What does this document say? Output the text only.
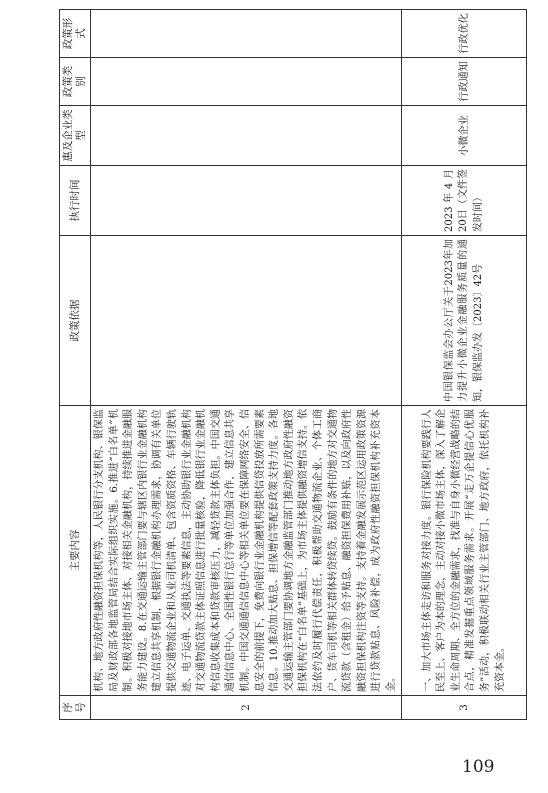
序号	主要内容	政策依据	执行时间	惠及企业类型	政策类别	政策形式
2	机构、地方政府性融资担保机构等，人民银行分支机构、银保监局及财政部各地监管局结合实际组织实施。6.推进“白名单”机制。积极对接地市场主体、对接相关金融机构，持续推进金融服务能力建设。8.在交通运输主管部门要与辖区内银行业金融机构建立信息共享机制，根据银行金融机构办理需求，协调有关单位提供交通物流企业和从业司机清单、包含资质资格、车辆行驶轨迹、电子运单、交通执法等要素信息，主动协助银行业金融机构对交通物流贷款主体证照信息进行批量核验，降低银行业金融机构信息收集成本和贷款审核压力，减轻贷款主体负担。中国交通通信信息中心、全国性银行总行等单位加强合作，建立信息共享机制。中国交通通信信息中心等相关单位要在保障网络安全、信息安全的前提下，免费向银行业金融机构提供信贷投放所需要素信息。10.推动加大贴息、担保增信等配套政策支持力度。各地交通运输主管部门要协调地方金融监管部门推动地方政府性融资担保机构在“白名单”基础上，为市场主体提供融资增信支持。依法依约及时履行代偿责任，积极帮助交通物流企业、个体工商户、货车司机等相关群体转贷续贷。鼓励有条件的地方对交通物流贷款（含租金）给予贴息、融资担保费用补贴，以及向政府性融资担保机构注资等支持。支持着金融发展示范区运用政策资源进行贷款贴息、风险补偿，成为政府性融资担保机构补充资本金。					
3	一、加大市场主体走访和服务对接力度。银行保险机构要践行人民至上、客户为本的理念，主动对接小微市场主体，深入了解企业生命周期、全方位的金融需求，找准与自身小微经营战略的结合点，精准发掘重点领域服务需求。开展“走万企提信心优服务”活动，积极联动相关行业主管部门、地方政府，依托机构补充资本金。	中国银保监会办公厅关于2023年加力提升小微企业金融服务质量的通知，银保监办发〔2023〕42号	2023年4月20日（文件签发时间）	小微企业	行政通知	行政优化
109
